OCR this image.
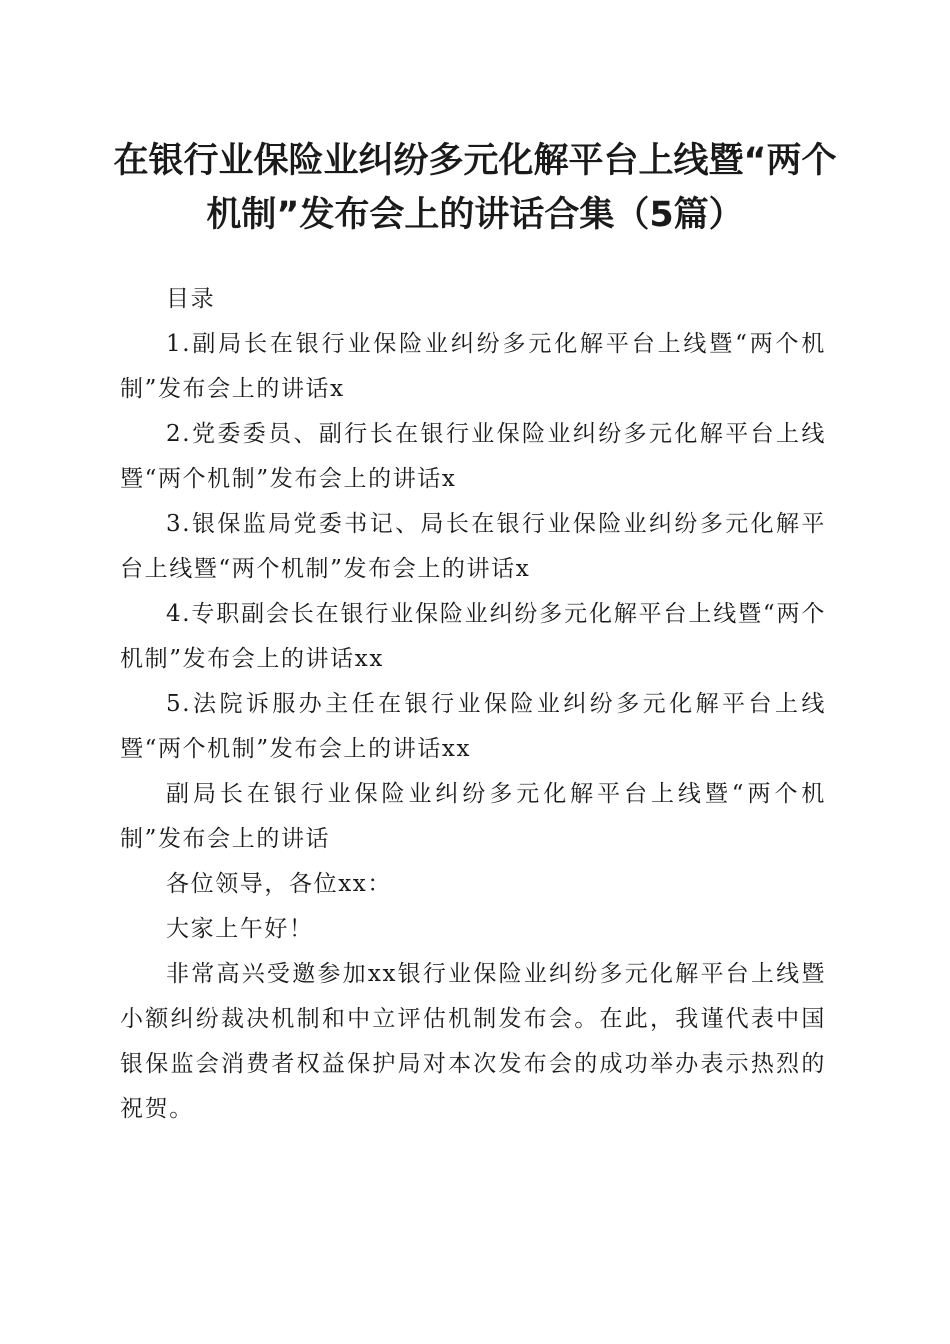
在银行业保险业纠纷多元化解平台上线暨“两个机制”发布会上的讲话合集（5篇）

目录

1.副局长在银行业保险业纠纷多元化解平台上线暨“两个机制”发布会上的讲话x

2.党委委员、副行长在银行业保险业纠纷多元化解平台上线暨“两个机制”发布会上的讲话x

3.银保监局党委书记、局长在银行业保险业纠纷多元化解平台上线暨“两个机制”发布会上的讲话x

4.专职副会长在银行业保险业纠纷多元化解平台上线暨“两个机制”发布会上的讲话xx

5.法院诉服办主任在银行业保险业纠纷多元化解平台上线暨“两个机制”发布会上的讲话xx

副局长在银行业保险业纠纷多元化解平台上线暨“两个机制”发布会上的讲话

各位领导，各位xx：

大家上午好！

非常高兴受邀参加xx银行业保险业纠纷多元化解平台上线暨小额纠纷裁决机制和中立评估机制发布会。在此，我谨代表中国银保监会消费者权益保护局对本次发布会的成功举办表示热烈的祝贺。
